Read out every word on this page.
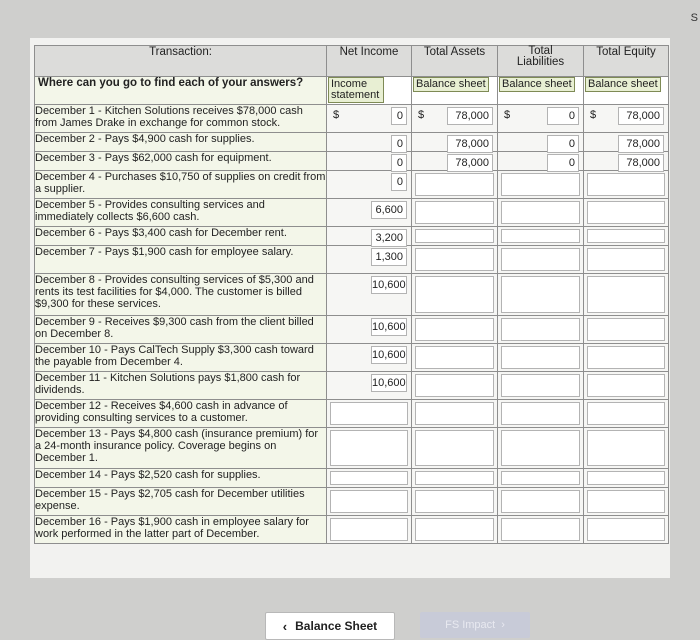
S
Transaction:	Net Income	Total Assets	Total Liabilities	Total Equity
Where can you go to find each of your answers?	Income statement	Balance sheet	Balance sheet	Balance sheet
December 1 - Kitchen Solutions receives $78,000 cash from James Drake in exchange for common stock.	$ 0	$ 78,000	$ 0	$ 78,000

December 2 - Pays $4,900 cash for supplies.	0	78,000	0	78,000

December 3 - Pays $62,000 cash for equipment.	0	78,000	0	78,000

December 4 - Purchases $10,750 of supplies on credit from a supplier.	0			

December 5 - Provides consulting services and immediately collects $6,600 cash.	6,600			

December 6 - Pays $3,400 cash for December rent.	3,200			

December 7 - Pays $1,900 cash for employee salary.	1,300			

December 8 - Provides consulting services of $5,300 and rents its test facilities for $4,000. The customer is billed $9,300 for these services.	10,600			

December 9 - Receives $9,300 cash from the client billed on December 8.	10,600			

December 10 - Pays CalTech Supply $3,300 cash toward the payable from December 4.	10,600			

December 11 - Kitchen Solutions pays $1,800 cash for dividends.	10,600			

December 12 - Receives $4,600 cash in advance of providing consulting services to a customer.	

December 13 - Pays $4,800 cash (insurance premium) for a 24-month insurance policy. Coverage begins on December 1.	

December 14 - Pays $2,520 cash for supplies.	

December 15 - Pays $2,705 cash for December utilities expense.	

December 16 - Pays $1,900 cash in employee salary for work performed in the latter part of December.	

‹ Balance Sheet	FS Impact ›
